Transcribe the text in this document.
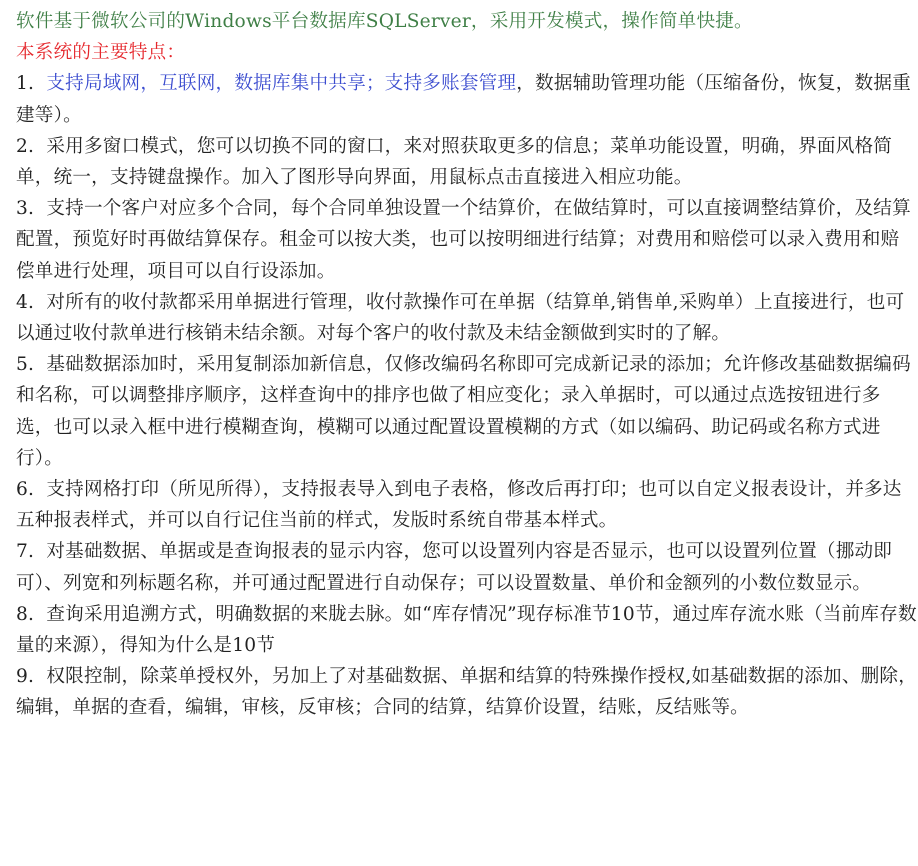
软件基于微软公司的Windows平台数据库SQLServer，采用开发模式，操作简单快捷。
本系统的主要特点：
1. 支持局域网，互联网，数据库集中共享；支持多账套管理，数据辅助管理功能（压缩备份，恢复，数据重建等）。
2. 采用多窗口模式，您可以切换不同的窗口，来对照获取更多的信息；菜单功能设置，明确，界面风格简单，统一，支持键盘操作。加入了图形导向界面，用鼠标点击直接进入相应功能。
3. 支持一个客户对应多个合同，每个合同单独设置一个结算价，在做结算时，可以直接调整结算价，及结算配置，预览好时再做结算保存。租金可以按大类，也可以按明细进行结算；对费用和赔偿可以录入费用和赔偿单进行处理，项目可以自行设添加。
4. 对所有的收付款都采用单据进行管理，收付款操作可在单据（结算单,销售单,采购单）上直接进行，也可以通过收付款单进行核销未结余额。对每个客户的收付款及未结金额做到实时的了解。
5. 基础数据添加时，采用复制添加新信息，仅修改编码名称即可完成新记录的添加；允许修改基础数据编码和名称，可以调整排序顺序，这样查询中的排序也做了相应变化；录入单据时，可以通过点选按钮进行多选，也可以录入框中进行模糊查询，模糊可以通过配置设置模糊的方式（如以编码、助记码或名称方式进行）。
6. 支持网格打印（所见所得），支持报表导入到电子表格，修改后再打印；也可以自定义报表设计，并多达五种报表样式，并可以自行记住当前的样式，发版时系统自带基本样式。
7. 对基础数据、单据或是查询报表的显示内容，您可以设置列内容是否显示，也可以设置列位置（挪动即可）、列宽和列标题名称，并可通过配置进行自动保存；可以设置数量、单价和金额列的小数位数显示。
8. 查询采用追溯方式，明确数据的来胧去脉。如“库存情况”现存标准节10节，通过库存流水账（当前库存数量的来源），得知为什么是10节
9. 权限控制，除菜单授权外，另加上了对基础数据、单据和结算的特殊操作授权,如基础数据的添加、删除，编辑，单据的查看，编辑，审核，反审核；合同的结算，结算价设置，结账，反结账等。
